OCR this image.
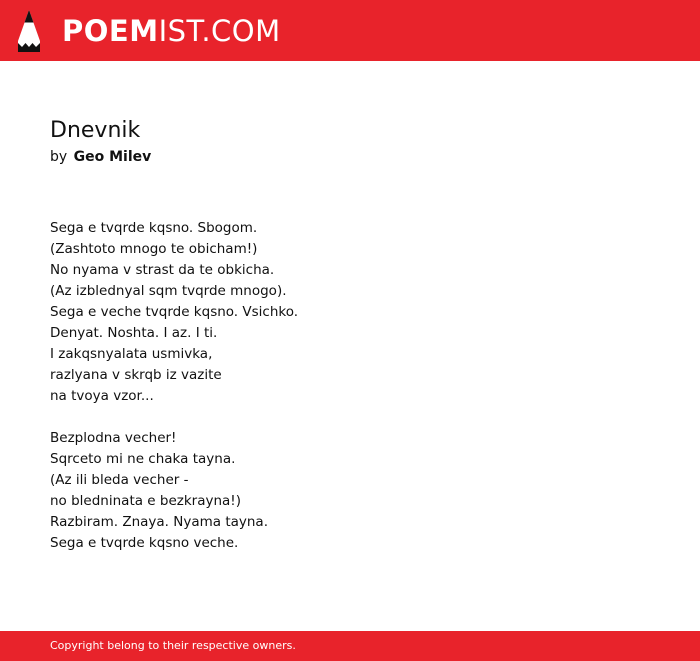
POEMIST.COM
Dnevnik
by Geo Milev
Sega e tvqrde kqsno. Sbogom.
(Zashtoto mnogo te obicham!)
No nyama v strast da te obkicha.
(Az izblednyal sqm tvqrde mnogo).
Sega e veche tvqrde kqsno. Vsichko.
Denyat. Noshta. I az. I ti.
I zakqsnyalata usmivka,
razlyana v skrqb iz vazite
na tvoya vzor...
Bezplodna vecher!
Sqrceto mi ne chaka tayna.
(Az ili bleda vecher -
no bledninata e bezkrayna!)
Razbiram. Znaya. Nyama tayna.
Sega e tvqrde kqsno veche.
Copyright belong to their respective owners.
